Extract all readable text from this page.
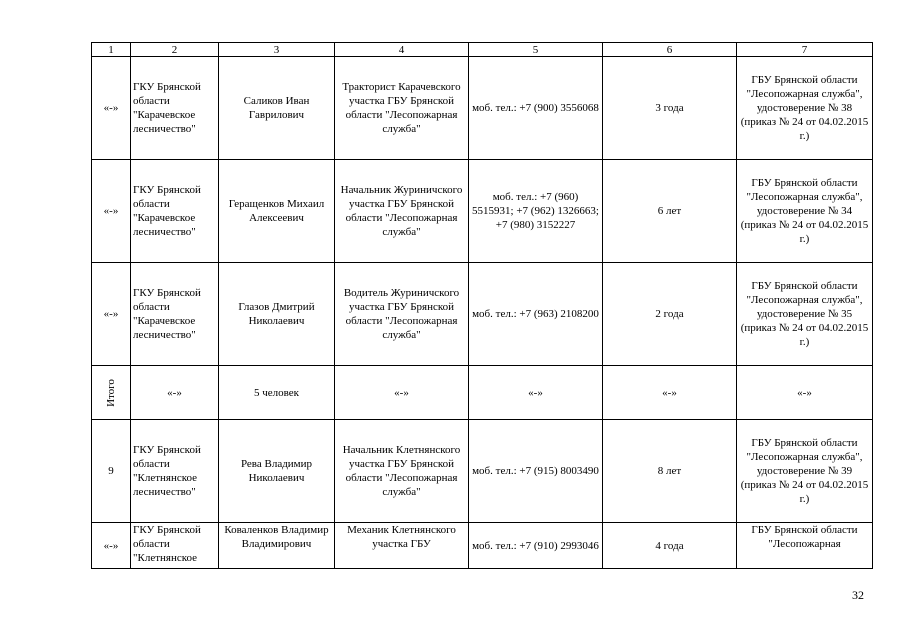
1	2	3	4	5	6	7
«-»	ГКУ Брянской области "Карачевское лесничество"	Саликов Иван Гаврилович	Тракторист Карачевского участка ГБУ Брянской области "Лесопожарная служба"	моб. тел.: +7 (900) 3556068	3 года	ГБУ Брянской области "Лесопожарная служба", удостоверение № 38 (приказ № 24 от 04.02.2015 г.)
«-»	ГКУ Брянской области "Карачевское лесничество"	Геращенков Михаил Алексеевич	Начальник Журиничского участка ГБУ Брянской области "Лесопожарная служба"	моб. тел.: +7 (960) 5515931; +7 (962) 1326663; +7 (980) 3152227	6 лет	ГБУ Брянской области "Лесопожарная служба", удостоверение № 34 (приказ № 24 от 04.02.2015 г.)
«-»	ГКУ Брянской области "Карачевское лесничество"	Глазов Дмитрий Николаевич	Водитель Журиничского участка ГБУ Брянской области "Лесопожарная служба"	моб. тел.: +7 (963) 2108200	2 года	ГБУ Брянской области "Лесопожарная служба", удостоверение № 35 (приказ № 24 от 04.02.2015 г.)
Итого	«-»	5 человек	«-»	«-»	«-»	«-»
9	ГКУ Брянской области "Клетнянское лесничество"	Рева Владимир Николаевич	Начальник Клетнянского участка ГБУ Брянской области "Лесопожарная служба"	моб. тел.: +7 (915) 8003490	8 лет	ГБУ Брянской области "Лесопожарная служба", удостоверение № 39 (приказ № 24 от 04.02.2015 г.)
«-»	ГКУ Брянской области "Клетнянское	Коваленков Владимир Владимирович	Механик Клетнянского участка ГБУ	моб. тел.: +7 (910) 2993046	4 года	ГБУ Брянской области "Лесопожарная
32
